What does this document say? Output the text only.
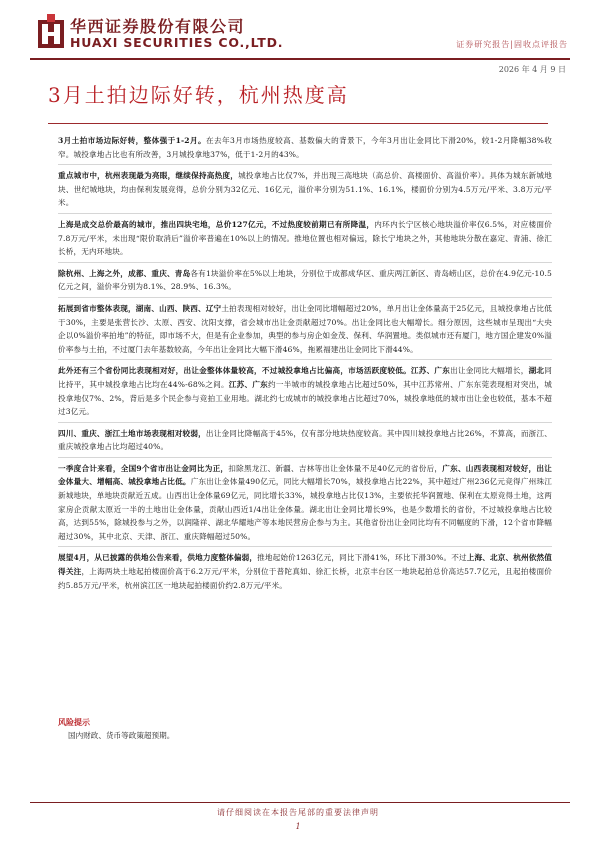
华西证券股份有限公司
HUAXI SECURITIES CO.,LTD.	证券研究报告|固收点评报告
2026 年 4 月 9 日
3月土拍边际好转，杭州热度高
3月土拍市场边际好转，整体强于1-2月。在去年3月市场热度较高、基数偏大的背景下，今年3月出让金同比下滑20%，较1-2月降幅38%收窄。城投拿地占比也有所改善，3月城投拿地37%，低于1-2月的43%。
重点城市中，杭州表现最为亮眼，继续保持高热度，城投拿地占比仅7%，并出现三高地块（高总价、高楼面价、高溢价率）。具体为城东新城地块、世纪城地块，均由保利发展竞得，总价分别为32亿元、16亿元，溢价率分别为51.1%、16.1%，楼面价分别为4.5万元/平米、3.8万元/平米。
上海是成交总价最高的城市，推出四块宅地，总价127亿元，不过热度较前期已有所降温，内环内长宁区核心地块溢价率仅6.5%，对应楼面价7.8万元/平米，未出现“限价取消后”溢价率普遍在10%以上的情况。推地位置也相对偏远，除长宁地块之外，其他地块分散在嘉定、青浦、徐汇长桥，无内环地块。
除杭州、上海之外，成都、重庆、青岛各有1块溢价率在5%以上地块，分别位于成都成华区、重庆两江新区、青岛崂山区，总价在4.9亿元-10.5亿元之间，溢价率分别为8.1%、28.9%、16.3%。
拓展到省市整体表现，湖南、山西、陕西、辽宁土拍表现相对较好，出让金同比增幅超过20%，单月出让金体量高于25亿元，且城投拿地占比低于30%，主要是张营长沙、太原、西安、沈阳支撑，省会城市出让金贡献超过70%。出让金同比也大幅增长。细分原因，这些城市呈现出“大央企以0%溢价率拍地”的特征，即市场不大，但是有企业参加，典型的参与房企如金茂、保利、华润置地。类似城市还有厦门，地方国企建发0%溢价率参与土拍，不过厦门去年基数较高，今年出让金同比大幅下滑46%，拖累福建出让金同比下滑44%。
此外还有三个省份同比表现相对好，出让金整体体量较高，不过城投拿地占比偏高，市场活跃度较低。江苏、广东出让金同比大幅增长，湖北同比持平，其中城投拿地占比均在44%-68%之间。江苏、广东约一半城市的城投拿地占比超过50%，其中江苏常州、广东东莞表现相对突出，城投拿地仅7%、2%，背后是多个民企参与竞拍工业用地。湖北约七成城市的城投拿地占比超过70%，城投拿地低的城市出让金也较低，基本不超过3亿元。
四川、重庆、浙江土地市场表现相对较弱，出让金同比降幅高于45%，仅有部分地块热度较高。其中四川城投拿地占比26%，不算高，而浙江、重庆城投拿地占比均超过40%。
一季度合计来看，全国9个省市出让金同比为正，扣除黑龙江、新疆、吉林等出让金体量不足40亿元的省份后，广东、山西表现相对较好，出让金体量大、增幅高、城投拿地占比低。广东出让金体量490亿元，同比大幅增长70%，城投拿地占比22%，其中超过广州236亿元竞得广州珠江新城地块，单地块贡献近五成。山西出让金体量69亿元，同比增长33%，城投拿地占比仅13%，主要依托华润置地、保利在太原竞得土地，这两家房企贡献太原近一半的土地出让金体量，贡献山西近1/4出让金体量。湖北出让金同比增长9%，也是少数增长的省份，不过城投拿地占比较高，达到55%，除城投参与之外，以润隆祥、湖北华耀地产等本地民营房企参与为主。其他省份出让金同比均有不同幅度的下滑，12个省市降幅超过30%，其中北京、天津、浙江、重庆降幅超过50%。
展望4月，从已披露的供地公告来看，供地力度整体偏弱，推地起始价1263亿元，同比下滑41%，环比下滑30%。不过上海、北京、杭州依然值得关注，上海两块土地起拍楼面价高于6.2万元/平米，分别位于普陀真如、徐汇长桥，北京丰台区一地块起拍总价高达57.7亿元，且起拍楼面价约5.85万元/平米，杭州滨江区一地块起拍楼面价约2.8万元/平米。
风险提示
国内财政、货币等政策超预期。
请仔细阅读在本报告尾部的重要法律声明
1
